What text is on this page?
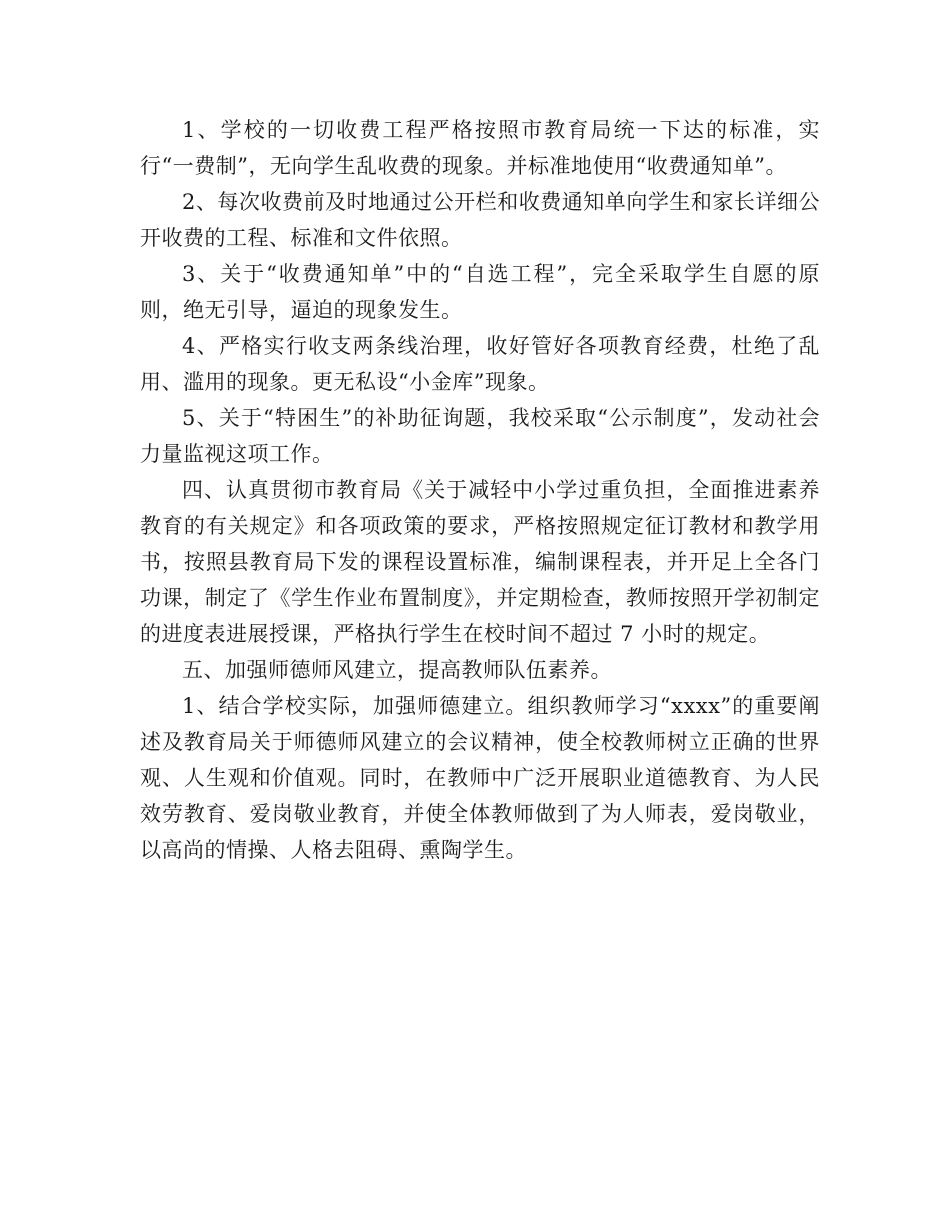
1、学校的一切收费工程严格按照市教育局统一下达的标准，实行“一费制”，无向学生乱收费的现象。并标准地使用“收费通知单”。

2、每次收费前及时地通过公开栏和收费通知单向学生和家长详细公开收费的工程、标准和文件依照。

3、关于“收费通知单”中的“自选工程”，完全采取学生自愿的原则，绝无引导，逼迫的现象发生。

4、严格实行收支两条线治理，收好管好各项教育经费，杜绝了乱用、滥用的现象。更无私设“小金库”现象。

5、关于“特困生”的补助征询题，我校采取“公示制度”，发动社会力量监视这项工作。

四、认真贯彻市教育局《关于减轻中小学过重负担，全面推进素养教育的有关规定》和各项政策的要求，严格按照规定征订教材和教学用书，按照县教育局下发的课程设置标准，编制课程表，并开足上全各门功课，制定了《学生作业布置制度》，并定期检查，教师按照开学初制定的进度表进展授课，严格执行学生在校时间不超过 7 小时的规定。

五、加强师德师风建立，提高教师队伍素养。

1、结合学校实际，加强师德建立。组织教师学习“xxxx”的重要阐述及教育局关于师德师风建立的会议精神，使全校教师树立正确的世界观、人生观和价值观。同时，在教师中广泛开展职业道德教育、为人民效劳教育、爱岗敬业教育，并使全体教师做到了为人师表，爱岗敬业，以高尚的情操、人格去阻碍、熏陶学生。
